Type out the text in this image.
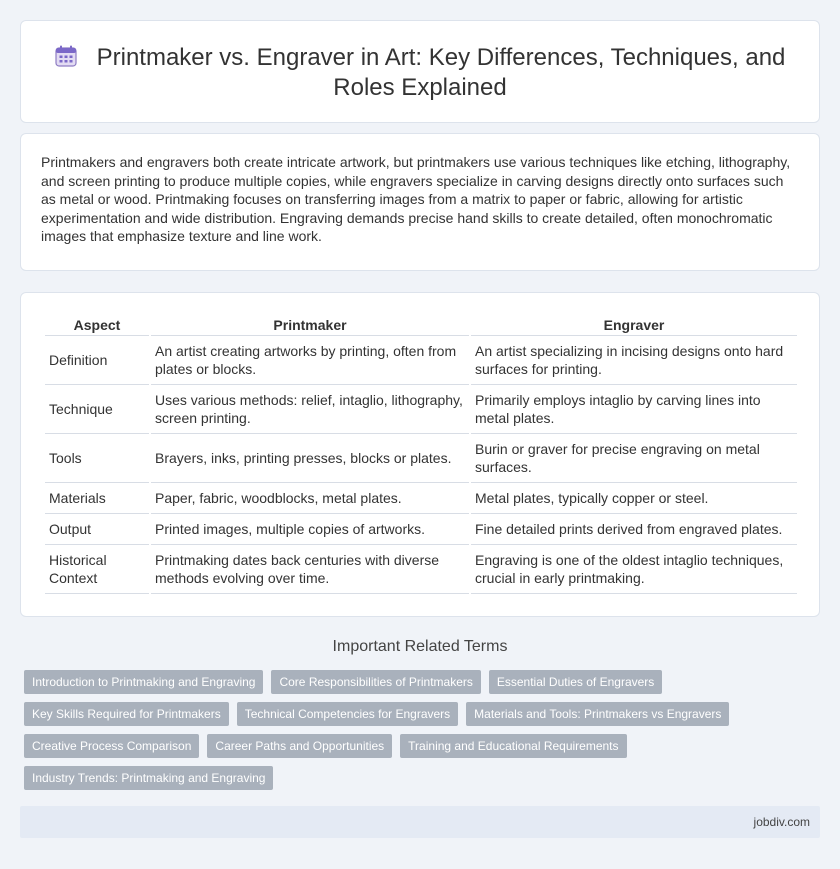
Printmaker vs. Engraver in Art: Key Differences, Techniques, and Roles Explained

Printmakers and engravers both create intricate artwork, but printmakers use various techniques like etching, lithography, and screen printing to produce multiple copies, while engravers specialize in carving designs directly onto surfaces such as metal or wood. Printmaking focuses on transferring images from a matrix to paper or fabric, allowing for artistic experimentation and wide distribution. Engraving demands precise hand skills to create detailed, often monochromatic images that emphasize texture and line work.

Aspect	Printmaker	Engraver
Definition	An artist creating artworks by printing, often from plates or blocks.	An artist specializing in incising designs onto hard surfaces for printing.
Technique	Uses various methods: relief, intaglio, lithography, screen printing.	Primarily employs intaglio by carving lines into metal plates.
Tools	Brayers, inks, printing presses, blocks or plates.	Burin or graver for precise engraving on metal surfaces.
Materials	Paper, fabric, woodblocks, metal plates.	Metal plates, typically copper or steel.
Output	Printed images, multiple copies of artworks.	Fine detailed prints derived from engraved plates.
Historical Context	Printmaking dates back centuries with diverse methods evolving over time.	Engraving is one of the oldest intaglio techniques, crucial in early printmaking.
Important Related Terms
Introduction to Printmaking and Engraving	Core Responsibilities of Printmakers	Essential Duties of Engravers
Key Skills Required for Printmakers	Technical Competencies for Engravers	Materials and Tools: Printmakers vs Engravers
Creative Process Comparison	Career Paths and Opportunities	Training and Educational Requirements
Industry Trends: Printmaking and Engraving
jobdiv.com
